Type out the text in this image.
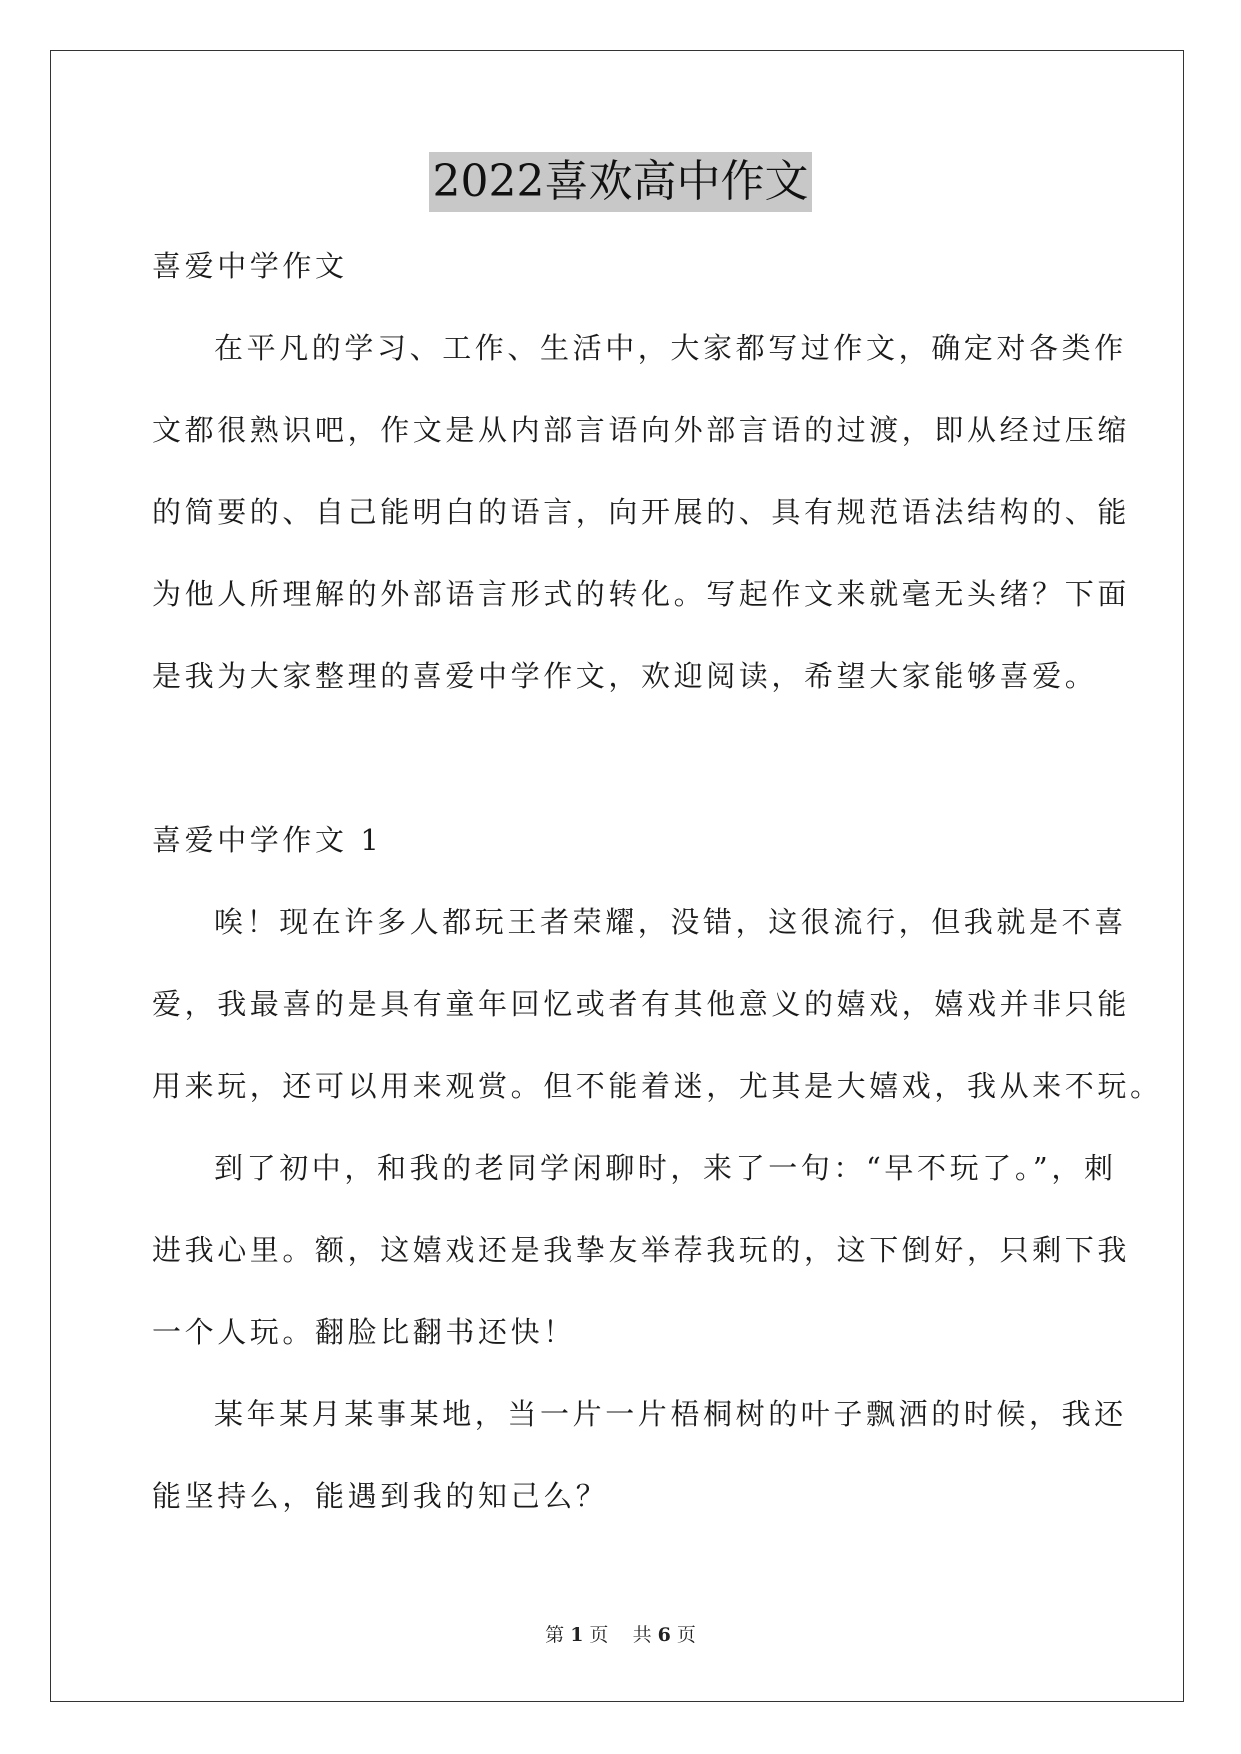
2022喜欢高中作文
喜爱中学作文
在平凡的学习、工作、生活中，大家都写过作文，确定对各类作
文都很熟识吧，作文是从内部言语向外部言语的过渡，即从经过压缩
的简要的、自己能明白的语言，向开展的、具有规范语法结构的、能
为他人所理解的外部语言形式的转化。写起作文来就毫无头绪？下面
是我为大家整理的喜爱中学作文，欢迎阅读，希望大家能够喜爱。
喜爱中学作文 1
唉！现在许多人都玩王者荣耀，没错，这很流行，但我就是不喜
爱，我最喜的是具有童年回忆或者有其他意义的嬉戏，嬉戏并非只能
用来玩，还可以用来观赏。但不能着迷，尤其是大嬉戏，我从来不玩。
到了初中，和我的老同学闲聊时，来了一句：“早不玩了。”，刺
进我心里。额，这嬉戏还是我挚友举荐我玩的，这下倒好，只剩下我
一个人玩。翻脸比翻书还快！
某年某月某事某地，当一片一片梧桐树的叶子飘洒的时候，我还
能坚持么，能遇到我的知己么？
第 1 页 共 6 页
